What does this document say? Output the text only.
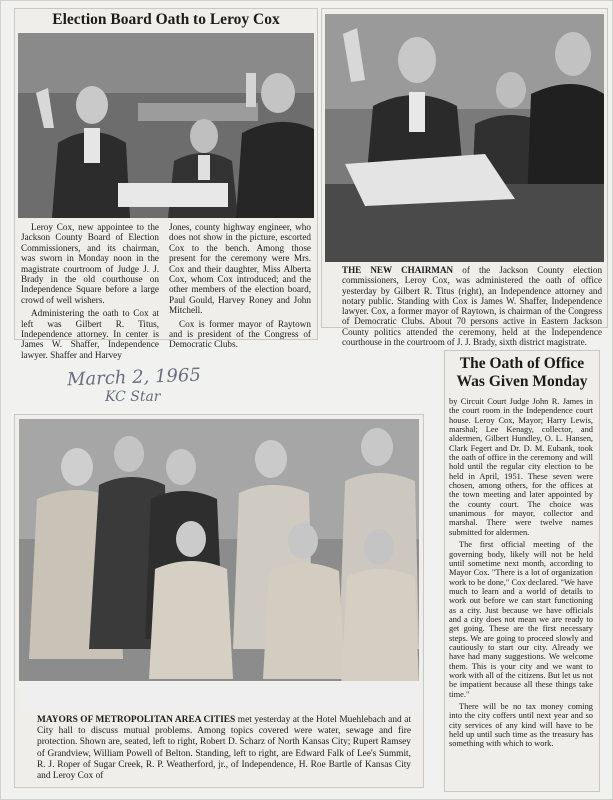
Election Board Oath to Leroy Cox

Leroy Cox, new appointee to the Jackson County Board of Election Commissioners, and its chairman, was sworn in Monday noon in the magistrate courtroom of Judge J. J. Brady in the old courthouse on Independence Square before a large crowd of well wishers.

Administering the oath to Cox at left was Gilbert R. Titus, Independence attorney. In center is James W. Shaffer, Independence lawyer. Shaffer and Harvey

Jones, county highway engineer, who does not show in the picture, escorted Cox to the bench. Among those present for the ceremony were Mrs. Cox and their daughter, Miss Alberta Cox, whom Cox introduced; and the other members of the election board, Paul Gould, Harvey Roney and John Mitchell.

Cox is former mayor of Raytown and is president of the Congress of Democratic Clubs.

THE NEW CHAIRMAN of the Jackson County election commissioners, Leroy Cox, was administered the oath of office yesterday by Gilbert R. Titus (right), an Independence attorney and notary public. Standing with Cox is James W. Shaffer, Independence lawyer. Cox, a former mayor of Raytown, is chairman of the Congress of Democratic Clubs. About 70 persons active in Eastern Jackson County politics attended the ceremony, held at the Independence courthouse in the courtroom of J. J. Brady, sixth district magistrate.
March 2, 1965
KC Star
MAYORS OF METROPOLITAN AREA CITIES met yesterday at the Hotel Muehlebach and at City hall to discuss mutual problems. Among topics covered were water, sewage and fire protection. Shown are, seated, left to right, Robert D. Scharz of North Kansas City; Rupert Ramsey of Grandview, William Powell of Belton. Standing, left to right, are Edward Falk of Lee's Summit, R. J. Roper of Sugar Creek, R. P. Weatherford, jr., of Independence, H. Roe Bartle of Kansas City and Leroy Cox of
The Oath of Office
Was Given Monday

by Circuit Court Judge John R. James in the court room in the Independence court house. Leroy Cox, Mayor; Harry Lewis, marshal; Lee Kenagy, collector, and aldermen, Gilbert Hundley, O. L. Hansen, Clark Fegert and Dr. D. M. Eubank, took the oath of office in the ceremony and will hold until the regular city election to be held in April, 1951. These seven were chosen, among others, for the offices at the town meeting and later appointed by the county court. The choice was unanimous for mayor, collector and marshal. There were twelve names submitted for aldermen.

The first official meeting of the governing body, likely will not be held until sometime next month, according to Mayor Cox. "There is a lot of organization work to be done," Cox declared. "We have much to learn and a world of details to work out before we can start functioning as a city. Just because we have officials and a city does not mean we are ready to get going. These are the first necessary steps. We are going to proceed slowly and cautiously to start our city. Already we have had many suggestions. We welcome them. This is your city and we want to work with all of the citizens. But let us not be impatient because all these things take time."

There will be no tax money coming into the city coffers until next year and so city services of any kind will have to be held up until such time as the treasury has something with which to work.
